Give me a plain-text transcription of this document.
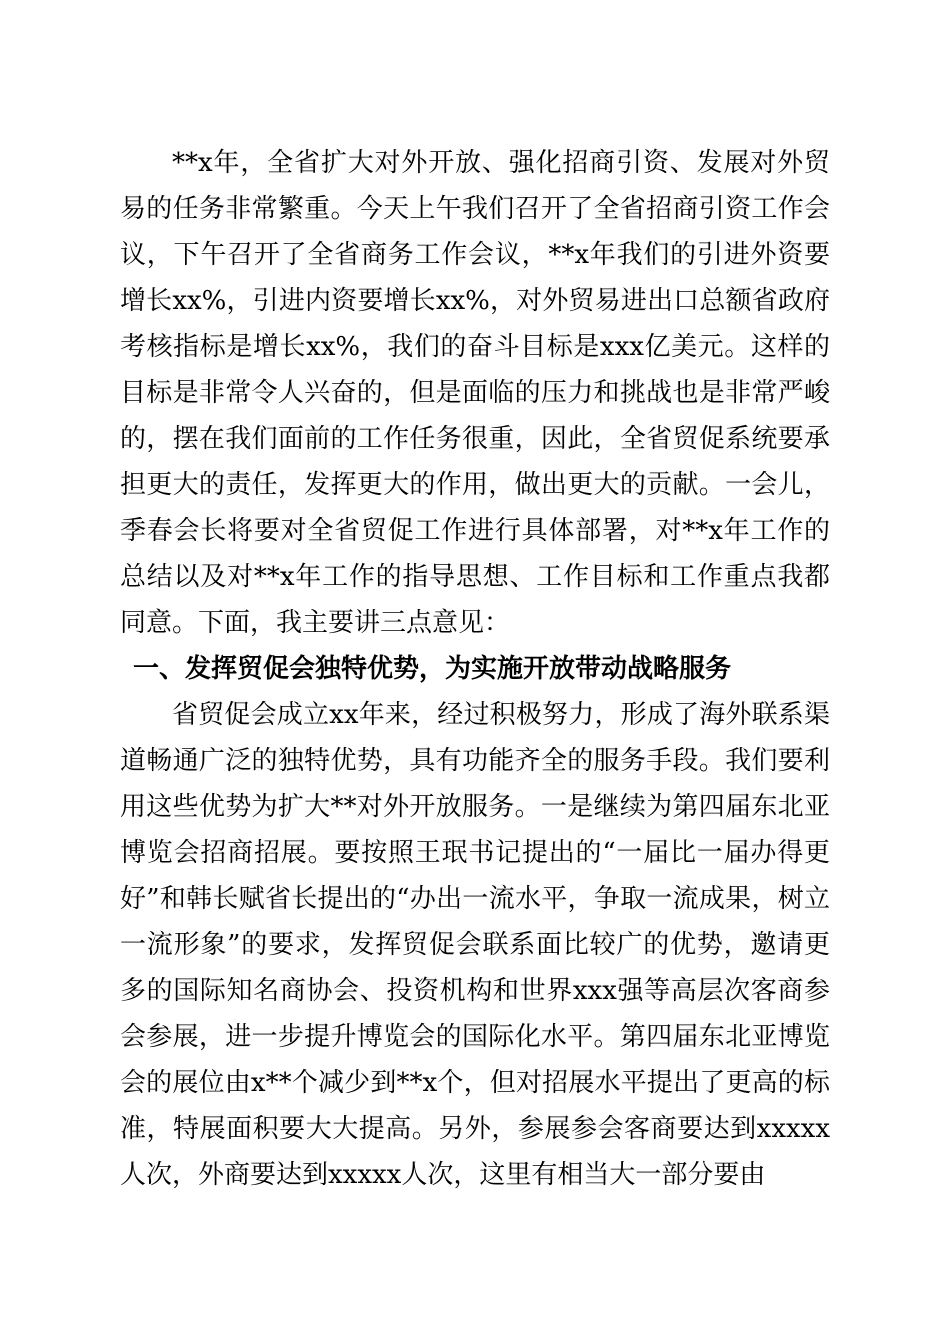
**x年，全省扩大对外开放、强化招商引资、发展对外贸易的任务非常繁重。今天上午我们召开了全省招商引资工作会议，下午召开了全省商务工作会议，**x年我们的引进外资要增长xx%，引进内资要增长xx%，对外贸易进出口总额省政府考核指标是增长xx%，我们的奋斗目标是xxx亿美元。这样的目标是非常令人兴奋的，但是面临的压力和挑战也是非常严峻的，摆在我们面前的工作任务很重，因此，全省贸促系统要承担更大的责任，发挥更大的作用，做出更大的贡献。一会儿，季春会长将要对全省贸促工作进行具体部署，对**x年工作的总结以及对**x年工作的指导思想、工作目标和工作重点我都同意。下面，我主要讲三点意见：

一、发挥贸促会独特优势，为实施开放带动战略服务

省贸促会成立xx年来，经过积极努力，形成了海外联系渠道畅通广泛的独特优势，具有功能齐全的服务手段。我们要利用这些优势为扩大**对外开放服务。一是继续为第四届东北亚博览会招商招展。要按照王珉书记提出的“一届比一届办得更好”和韩长赋省长提出的“办出一流水平，争取一流成果，树立一流形象”的要求，发挥贸促会联系面比较广的优势，邀请更多的国际知名商协会、投资机构和世界xxx强等高层次客商参会参展，进一步提升博览会的国际化水平。第四届东北亚博览会的展位由x**个减少到**x个，但对招展水平提出了更高的标准，特展面积要大大提高。另外，参展参会客商要达到xxxxx人次，外商要达到xxxxx人次，这里有相当大一部分要由
